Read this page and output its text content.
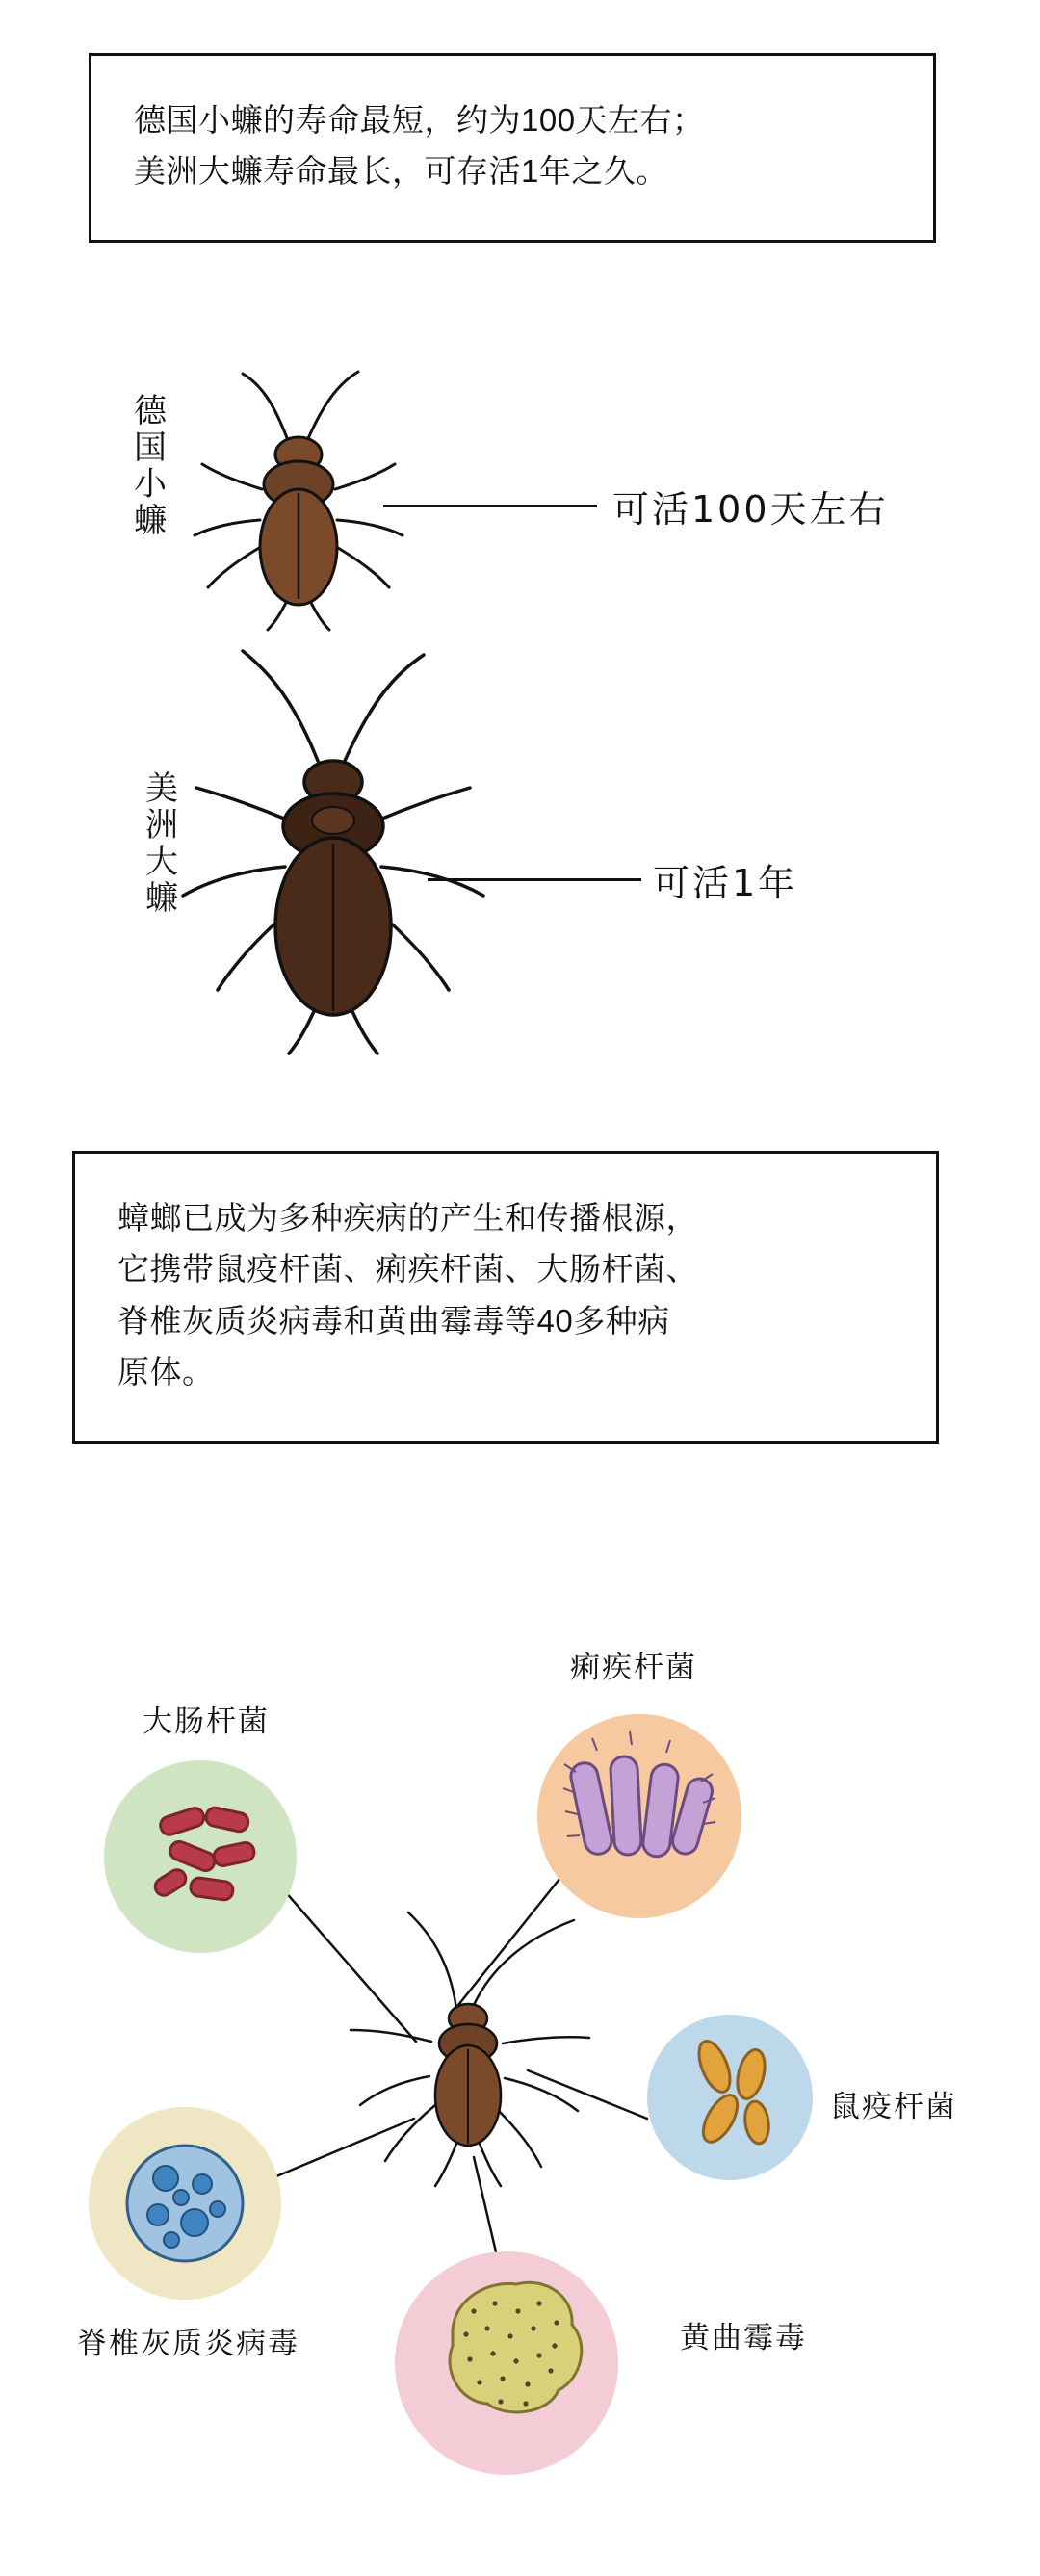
德国小蠊的寿命最短，约为100天左右；

美洲大蠊寿命最长，可存活1年之久。

德国小蠊	可活100天左右
美洲大蠊	可活1年

蟑螂已成为多种疾病的产生和传播根源，

它携带鼠疫杆菌、痢疾杆菌、大肠杆菌、

脊椎灰质炎病毒和黄曲霉毒等40多种病

原体。

大肠杆菌
痢疾杆菌
鼠疫杆菌
脊椎灰质炎病毒	黄曲霉毒
